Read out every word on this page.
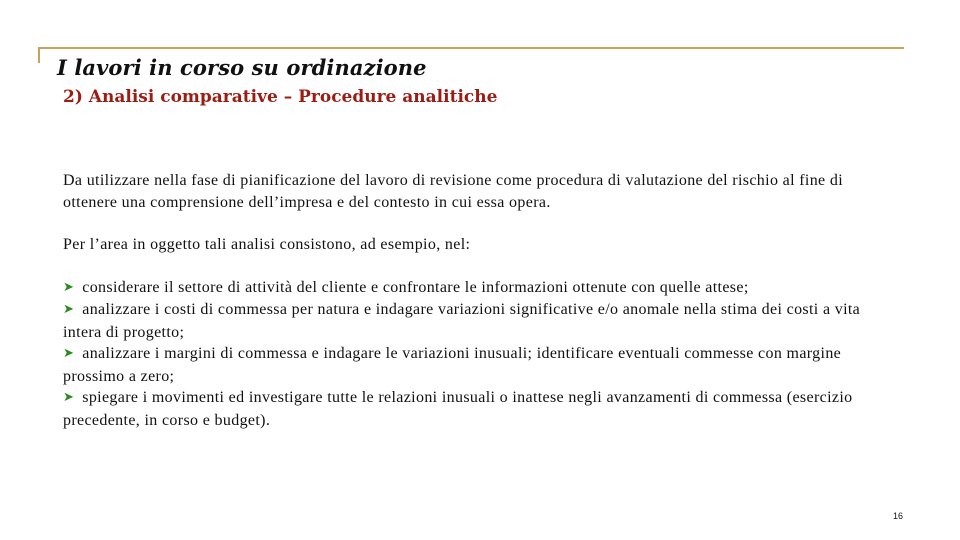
I lavori in corso su ordinazione
2) Analisi comparative – Procedure analitiche

Da utilizzare nella fase di pianificazione del lavoro di revisione come procedura di valutazione del rischio al fine di ottenere una comprensione dell’impresa e del contesto in cui essa opera.

Per l’area in oggetto tali analisi consistono, ad esempio, nel:

➤ considerare il settore di attività del cliente e confrontare le informazioni ottenute con quelle attese;

➤ analizzare i costi di commessa per natura e indagare variazioni significative e/o anomale nella stima dei costi a vita intera di progetto;

➤ analizzare i margini di commessa e indagare le variazioni inusuali; identificare eventuali commesse con margine prossimo a zero;

➤ spiegare i movimenti ed investigare tutte le relazioni inusuali o inattese negli avanzamenti di commessa (esercizio precedente, in corso e budget).

16
